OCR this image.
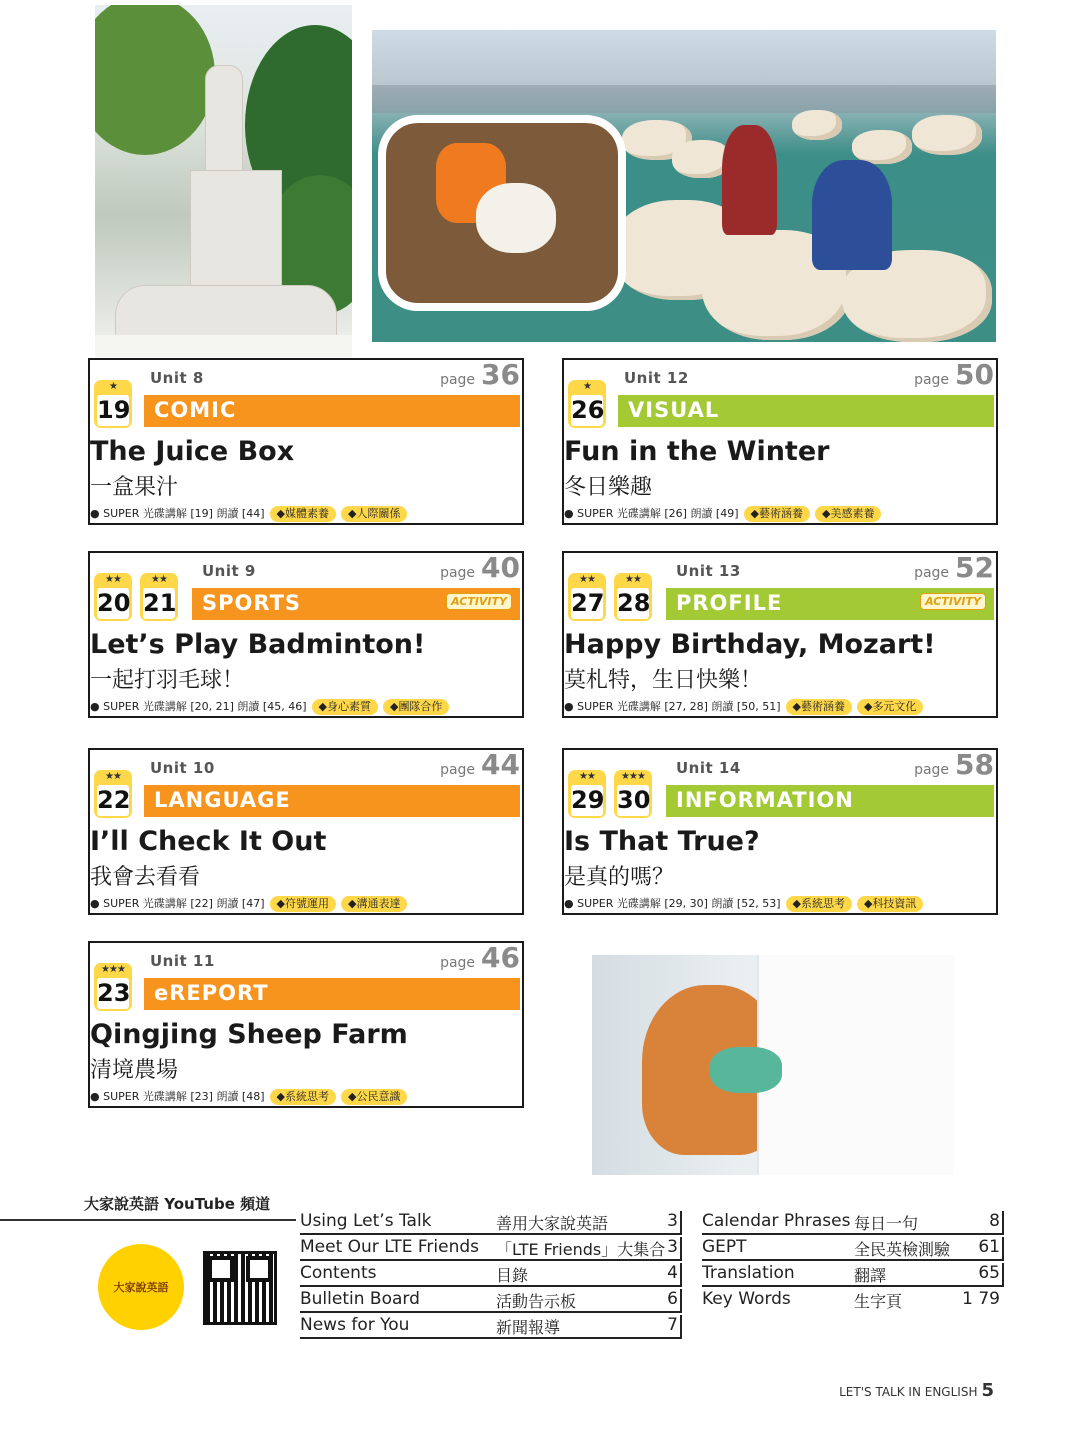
Unit 8	page 36
COMIC
★
19
The Juice Box
一盒果汁
● SUPER 光碟講解 [19] 朗讀 [44] ◆媒體素養 ◆人際關係
Unit 12	page 50
VISUAL
★
26
Fun in the Winter
冬日樂趣
● SUPER 光碟講解 [26] 朗讀 [49] ◆藝術涵養 ◆美感素養
Unit 9	page 40
SPORTS	ACTIVITY
★★
20
★★
21
Let’s Play Badminton!
一起打羽毛球！
● SUPER 光碟講解 [20, 21] 朗讀 [45, 46] ◆身心素質 ◆團隊合作
Unit 13	page 52
PROFILE	ACTIVITY
★★
27
★★
28
Happy Birthday, Mozart!
莫札特，生日快樂！
● SUPER 光碟講解 [27, 28] 朗讀 [50, 51] ◆藝術涵養 ◆多元文化
Unit 10	page 44
LANGUAGE
★★
22
I’ll Check It Out
我會去看看
● SUPER 光碟講解 [22] 朗讀 [47] ◆符號運用 ◆溝通表達
Unit 14	page 58
INFORMATION
★★
29
★★★
30
Is That True?
是真的嗎？
● SUPER 光碟講解 [29, 30] 朗讀 [52, 53] ◆系統思考 ◆科技資訊
Unit 11	page 46
eREPORT
★★★
23
Qingjing Sheep Farm
清境農場
● SUPER 光碟講解 [23] 朗讀 [48] ◆系統思考 ◆公民意識
大家說英語 YouTube 頻道
大家說英語
Using Let’s Talk	善用大家說英語	3
Meet Our LTE Friends 「LTE Friends」大集合 3
Contents	目錄	4
Bulletin Board	活動告示板	6
News for You	新聞報導	7
Calendar Phrases 每日一句	8
GEPT	全民英檢測驗 61
Translation	翻譯	65
Key Words	生字頁	1 79
LET'S TALK IN ENGLISH 5
